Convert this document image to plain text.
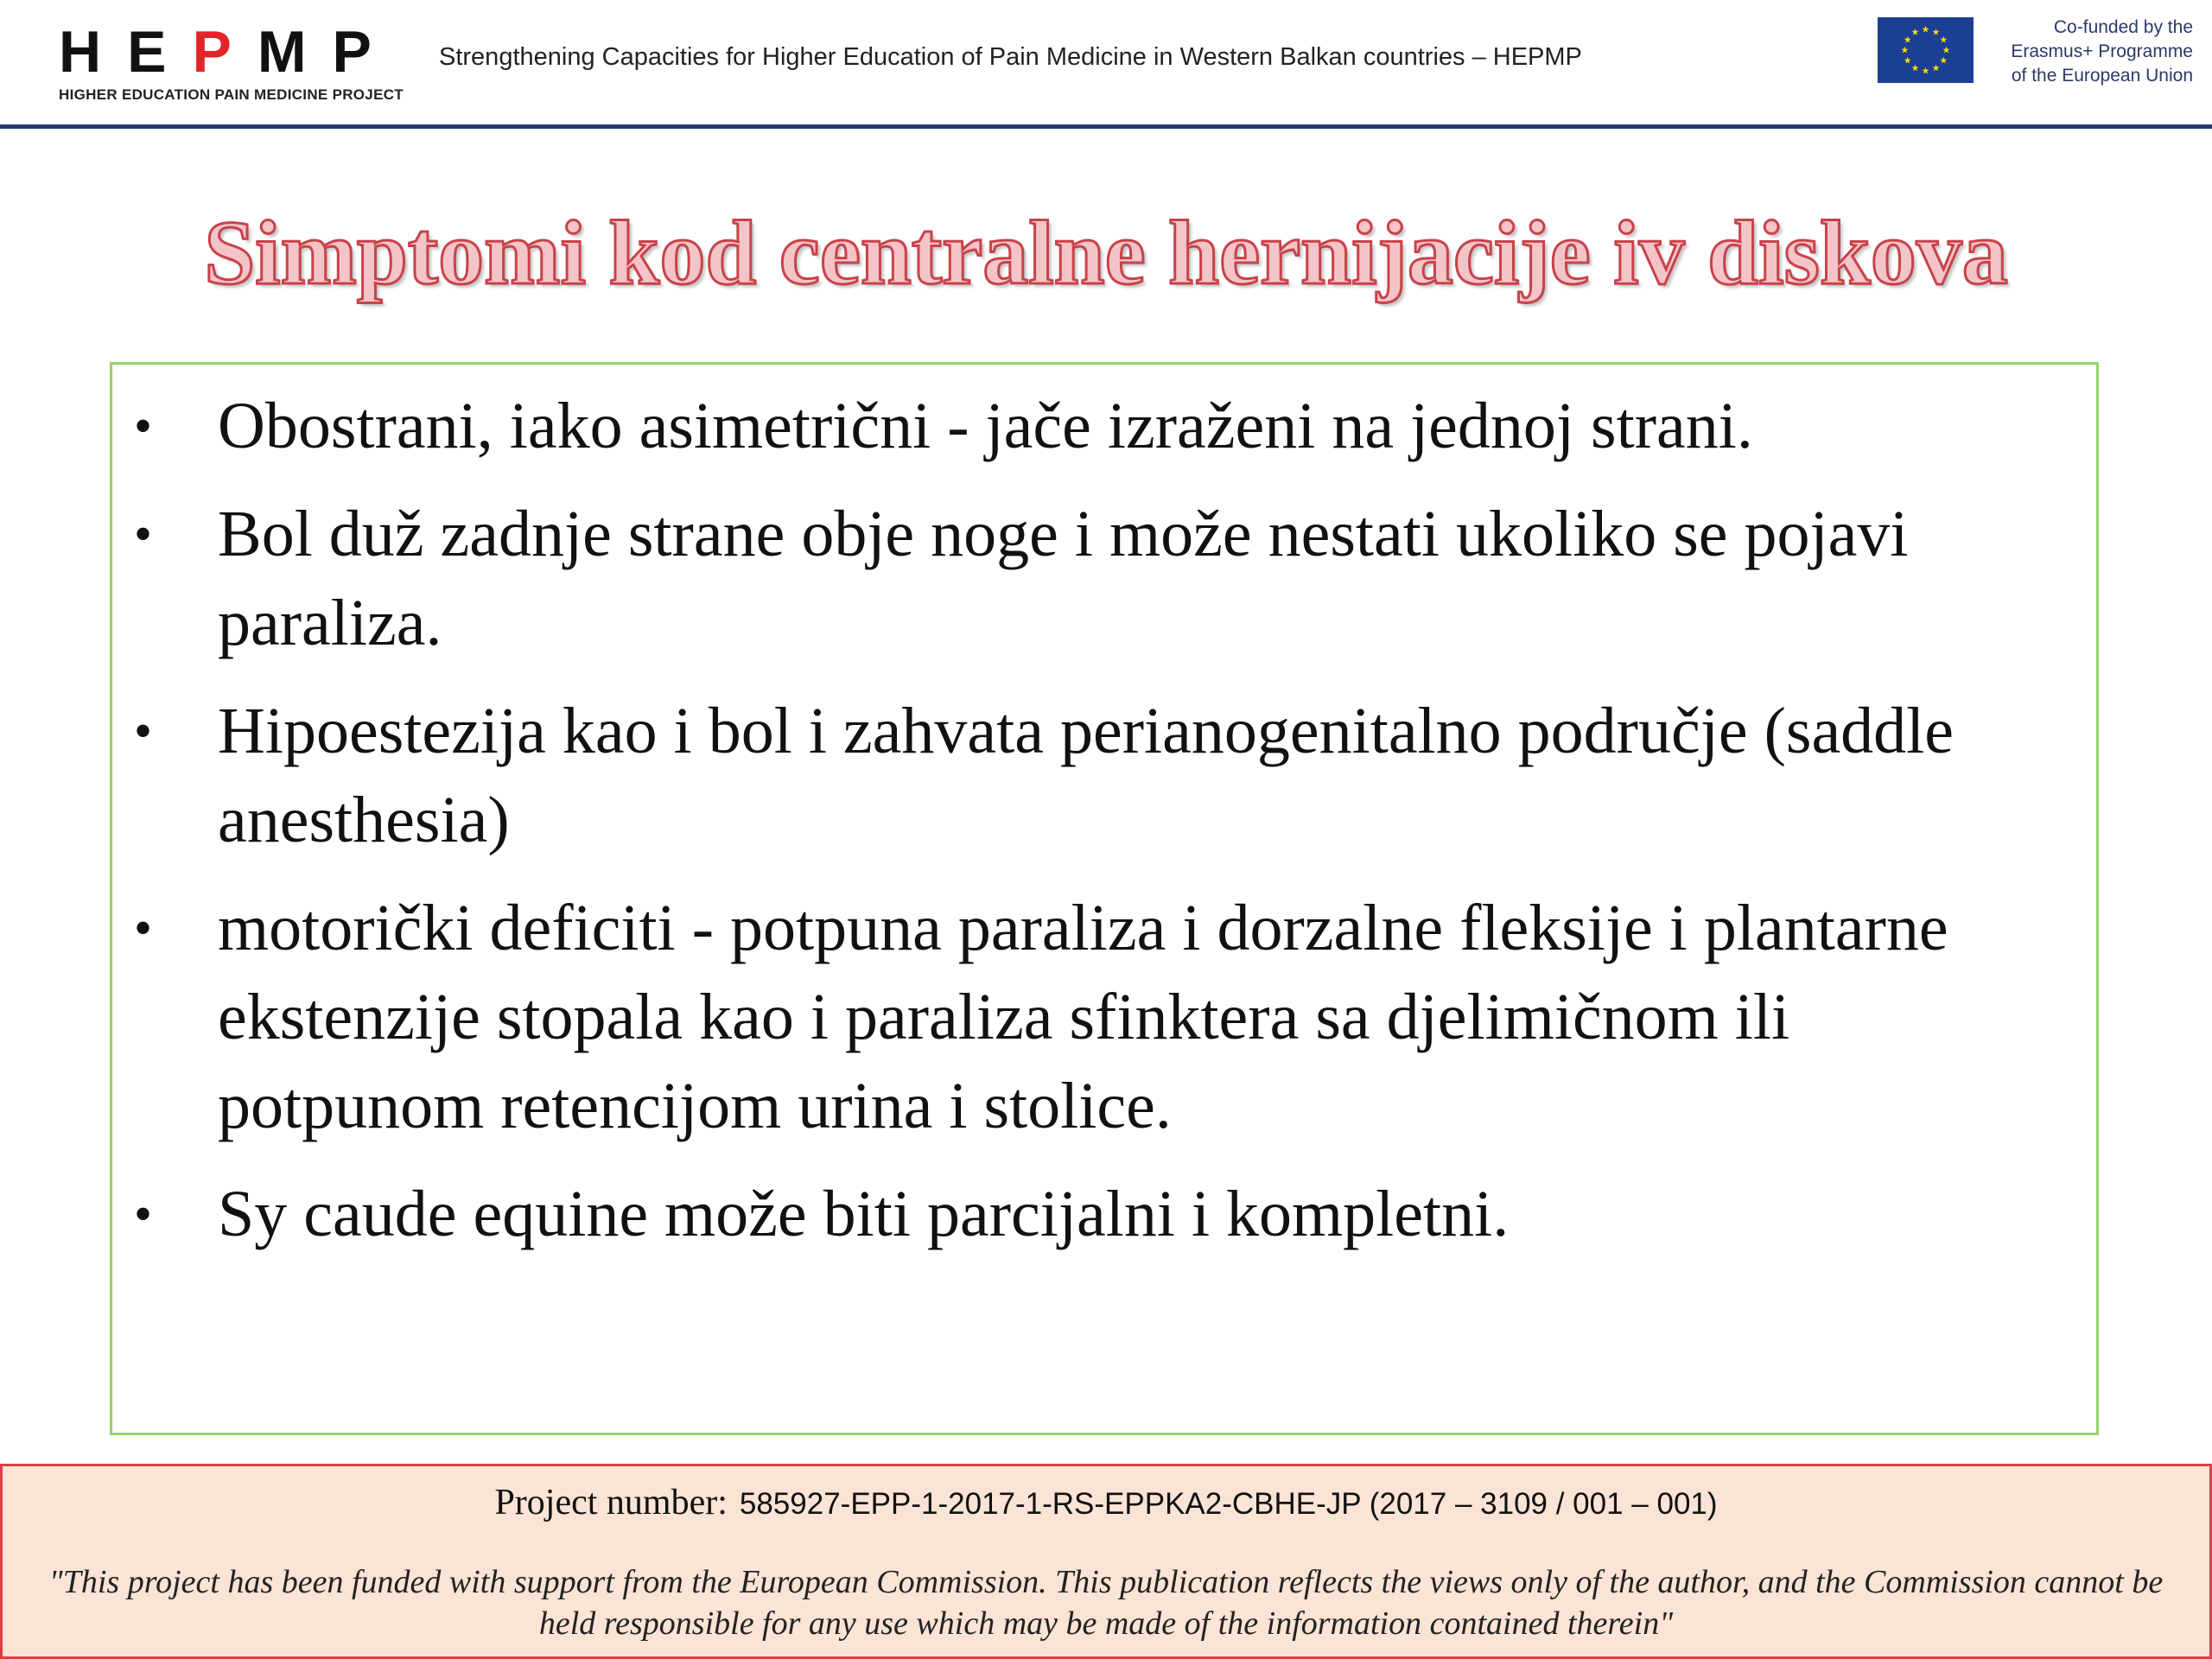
HEPMP
HIGHER EDUCATION PAIN MEDICINE PROJECT
Strengthening Capacities for Higher Education of Pain Medicine in Western Balkan countries – HEPMP
Co-funded by the
Erasmus+ Programme
of the European Union
Simptomi kod centralne hernijacije iv diskova
• Obostrani, iako asimetrični - jače izraženi na jednoj strani.
• Bol duž zadnje strane obje noge i može nestati ukoliko se pojavi paraliza.
• Hipoestezija kao i bol i zahvata perianogenitalno područje (saddle anesthesia)
• motorički deficiti - potpuna paraliza i dorzalne fleksije i plantarne ekstenzije stopala kao i paraliza sfinktera sa djelimičnom ili potpunom retencijom urina i stolice.
• Sy caude equine može biti parcijalni i kompletni.
Project number: 585927-EPP-1-2017-1-RS-EPPKA2-CBHE-JP (2017 – 3109 / 001 – 001)
"This project has been funded with support from the European Commission. This publication reflects the views only of the author, and the Commission cannot be held responsible for any use which may be made of the information contained therein"
